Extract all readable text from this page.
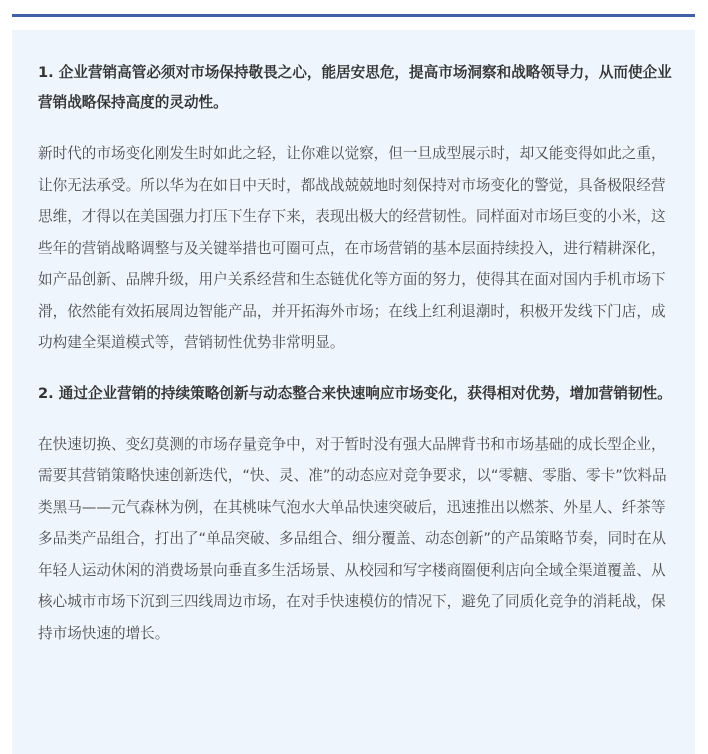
1. 企业营销高管必须对市场保持敬畏之心，能居安思危，提高市场洞察和战略领导力，从而使企业营销战略保持高度的灵动性。

新时代的市场变化刚发生时如此之轻，让你难以觉察，但一旦成型展示时，却又能变得如此之重，让你无法承受。所以华为在如日中天时，都战战兢兢地时刻保持对市场变化的警觉，具备极限经营思维，才得以在美国强力打压下生存下来，表现出极大的经营韧性。同样面对市场巨变的小米，这些年的营销战略调整与及关键举措也可圈可点，在市场营销的基本层面持续投入，进行精耕深化，如产品创新、品牌升级，用户关系经营和生态链优化等方面的努力，使得其在面对国内手机市场下滑，依然能有效拓展周边智能产品，并开拓海外市场；在线上红利退潮时，积极开发线下门店，成功构建全渠道模式等，营销韧性优势非常明显。

2. 通过企业营销的持续策略创新与动态整合来快速响应市场变化，获得相对优势，增加营销韧性。

在快速切换、变幻莫测的市场存量竞争中，对于暂时没有强大品牌背书和市场基础的成长型企业，需要其营销策略快速创新迭代，“快、灵、准”的动态应对竞争要求，以“零糖、零脂、零卡”饮料品类黑马——元气森林为例，在其桃味气泡水大单品快速突破后，迅速推出以燃茶、外星人、纤茶等多品类产品组合，打出了“单品突破、多品组合、细分覆盖、动态创新”的产品策略节奏，同时在从年轻人运动休闲的消费场景向垂直多生活场景、从校园和写字楼商圈便利店向全域全渠道覆盖、从核心城市市场下沉到三四线周边市场，在对手快速模仿的情况下，避免了同质化竞争的消耗战，保持市场快速的增长。
